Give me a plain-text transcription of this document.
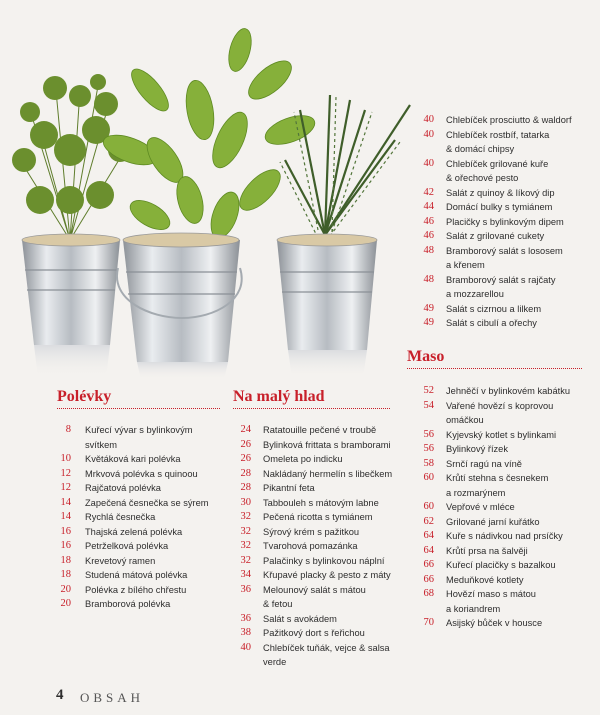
Polévky
8 Kuřecí vývar s bylinkovým
svítkem
10 Květáková kari polévka
12 Mrkvová polévka s quinoou
12 Rajčatová polévka
14 Zapečená česnečka se sýrem
14 Rychlá česnečka
16 Thajská zelená polévka
16 Petrželková polévka
18 Krevetový ramen
18 Studená mátová polévka
20 Polévka z bílého chřestu
20 Bramborová polévka
Na malý hlad
24 Ratatouille pečené v troubě
26 Bylinková frittata s bramborami
26 Omeleta po indicku
28 Nakládaný hermelín s libečkem
28 Pikantní feta
30 Tabbouleh s mátovým labne
32 Pečená ricotta s tymiánem
32 Sýrový krém s pažitkou
32 Tvarohová pomazánka
32 Palačinky s bylinkovou náplní
34 Křupavé placky & pesto z máty
36 Melounový salát s mátou
& fetou
36 Salát s avokádem
38 Pažitkový dort s řeřichou
40 Chlebíček tuňák, vejce & salsa
verde
40 Chlebíček prosciutto & waldorf
40 Chlebíček rostbíf, tatarka
& domácí chipsy
40 Chlebíček grilované kuře
& ořechové pesto
42 Salát z quinoy & líkový dip
44 Domácí bulky s tymiánem
46 Placičky s bylinkovým dipem
46 Salát z grilované cukety
48 Bramborový salát s lososem
a křenem
48 Bramborový salát s rajčaty
a mozzarellou
49 Salát s cizrnou a lilkem
49 Salát s cibulí a ořechy
Maso
52 Jehněčí v bylinkovém kabátku
54 Vařené hovězí s koprovou
omáčkou
56 Kyjevský kotlet s bylinkami
56 Bylinkový řízek
58 Srnčí ragú na víně
60 Krůtí stehna s česnekem
a rozmarýnem
60 Vepřové v mléce
62 Grilované jarní kuřátko
64 Kuře s nádivkou nad prsíčky
64 Krůtí prsa na šalvěji
66 Kuřecí placičky s bazalkou
66 Meduňkové kotlety
68 Hovězí maso s mátou
a koriandrem
70 Asijský bůček v housce
4 OBSAH
